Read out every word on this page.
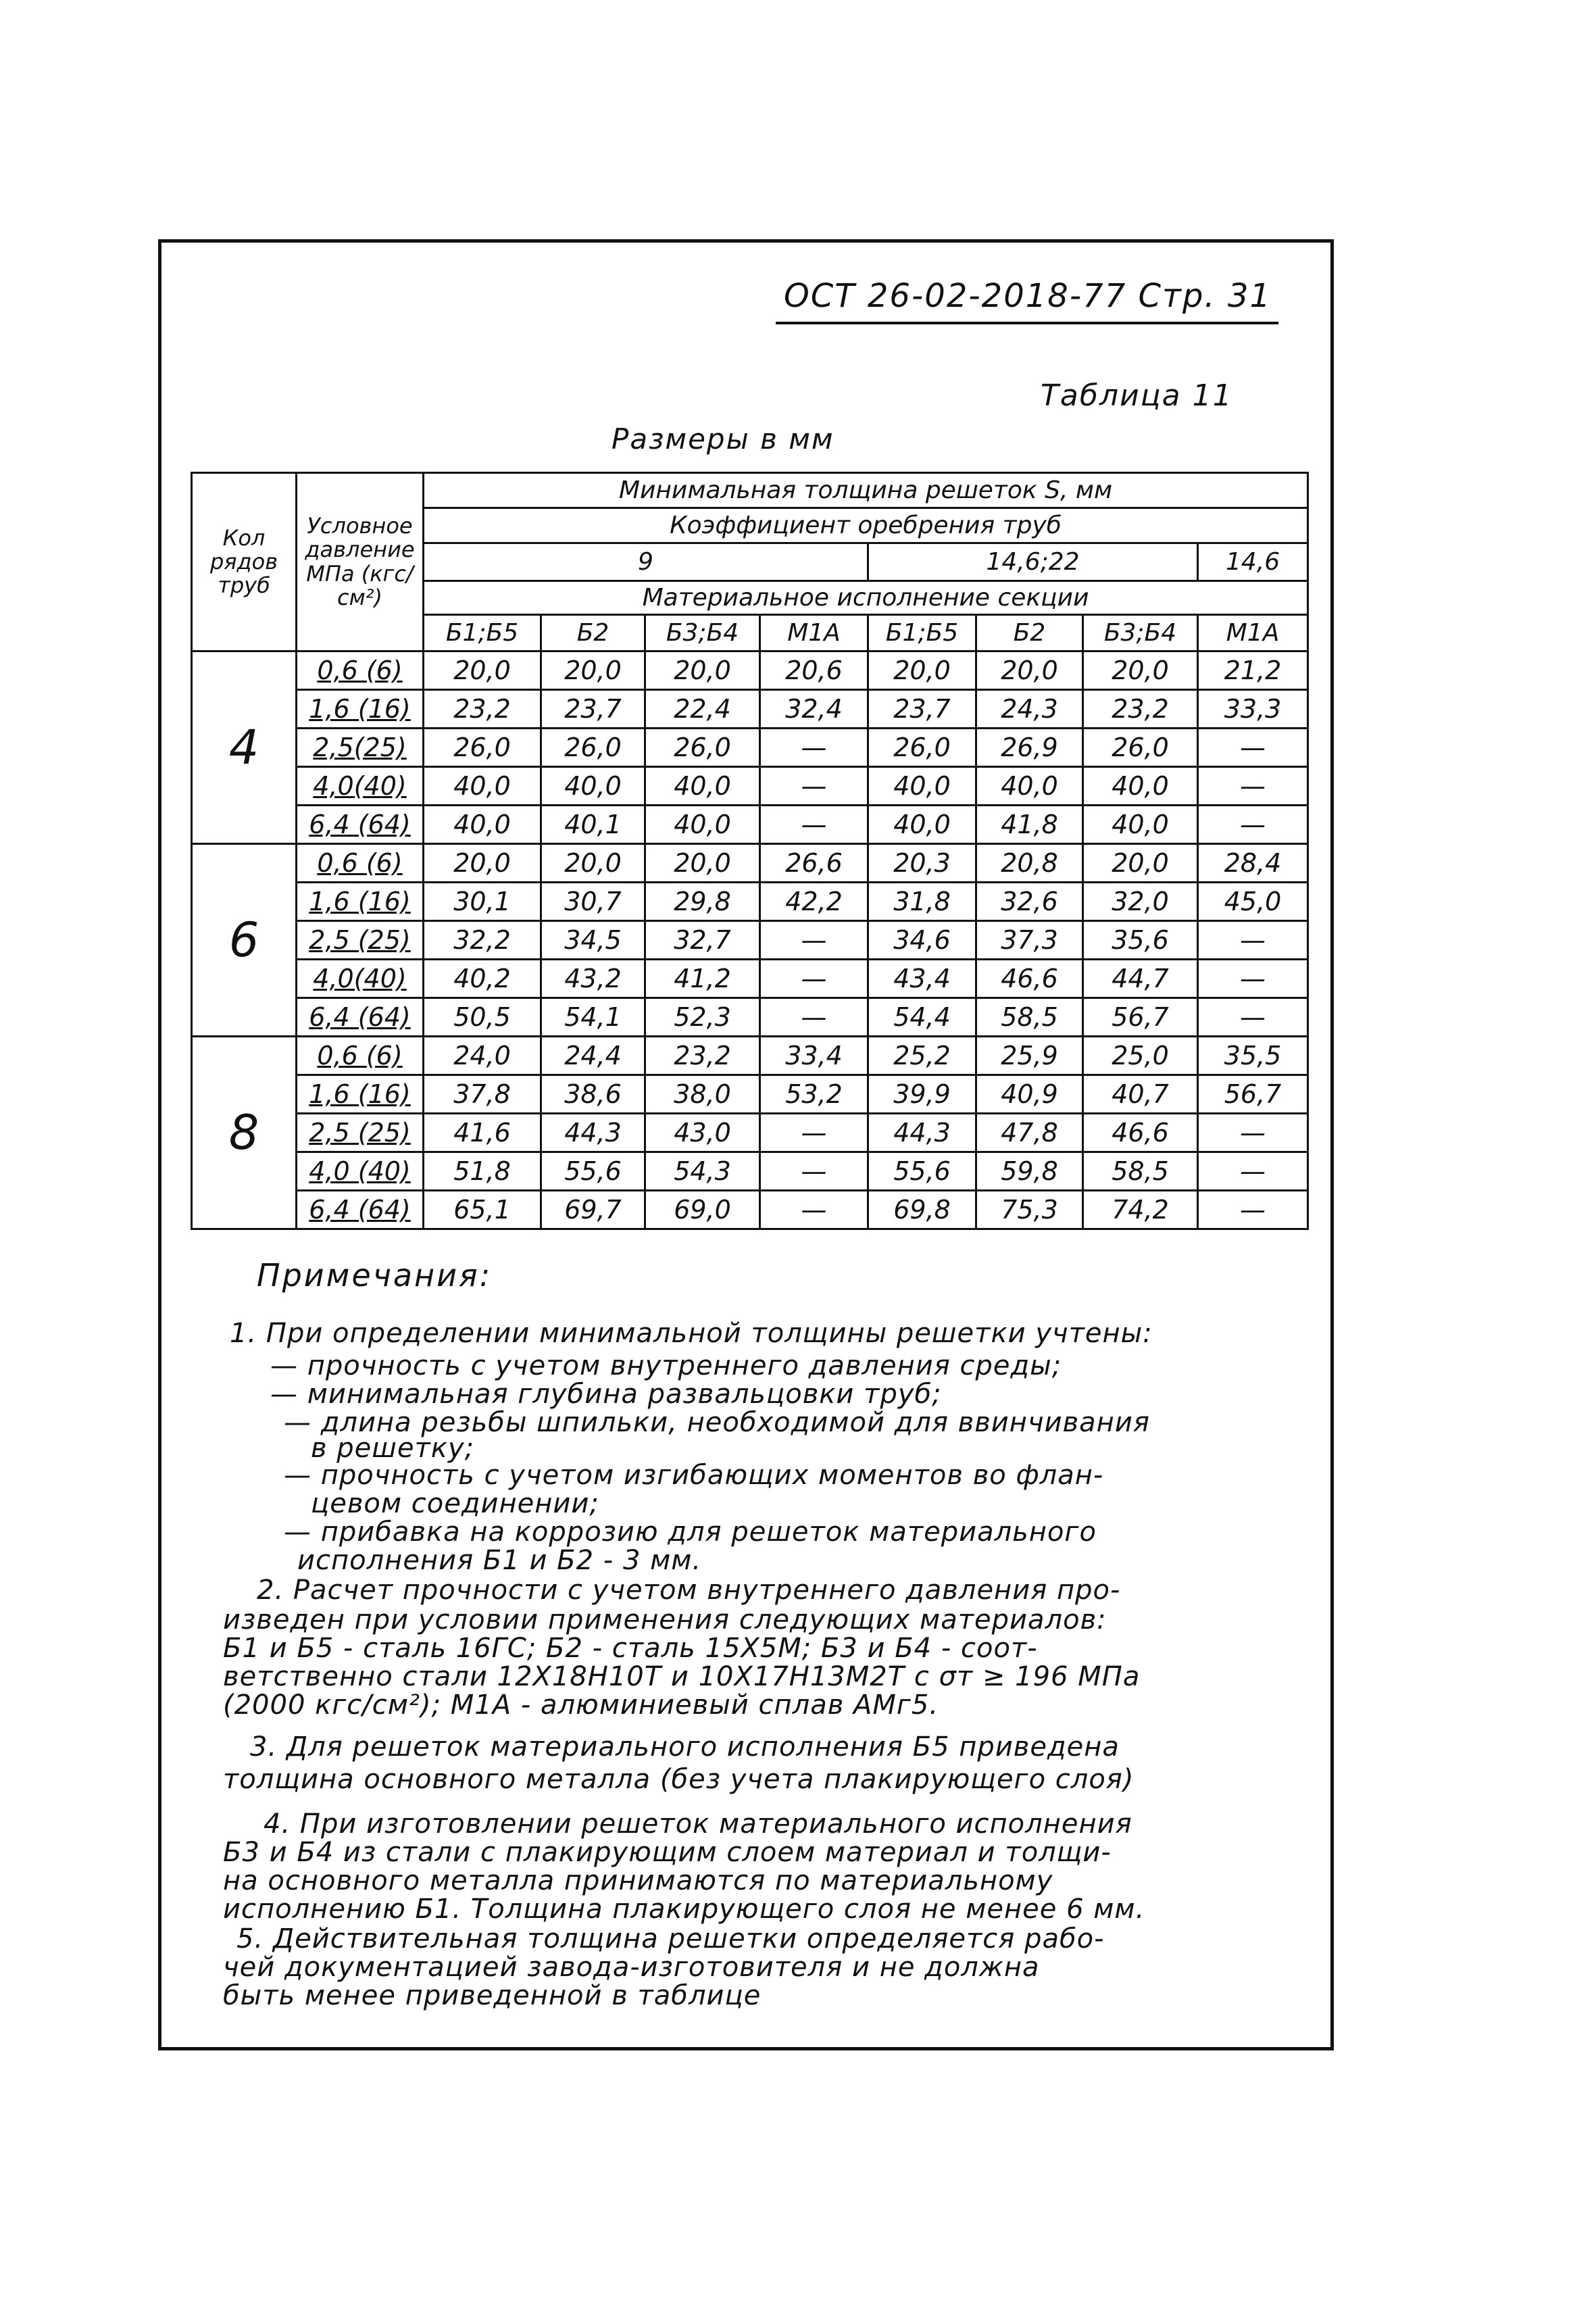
ОСТ 26-02-2018-77 Стр. 31
Таблица 11
Размеры в мм
Кол рядов труб	Условное давление МПа (кгс/см²)	Минимальная толщина решеток S, мм							
		Коэффициент оребрения труб							
		9				14,6;22			14,6
		Материальное исполнение секции							
		Б1;Б5	Б2	Б3;Б4	М1А	Б1;Б5	Б2	Б3;Б4	М1А
4	0,6 (6)	20,0	20,0	20,0	20,6	20,0	20,0	20,0	21,2
	1,6 (16)	23,2	23,7	22,4	32,4	23,7	24,3	23,2	33,3
	2,5(25)	26,0	26,0	26,0	—	26,0	26,9	26,0	—
	4,0(40)	40,0	40,0	40,0	—	40,0	40,0	40,0	—
	6,4 (64)	40,0	40,1	40,0	—	40,0	41,8	40,0	—
6	0,6 (6)	20,0	20,0	20,0	26,6	20,3	20,8	20,0	28,4
	1,6 (16)	30,1	30,7	29,8	42,2	31,8	32,6	32,0	45,0
	2,5 (25)	32,2	34,5	32,7	—	34,6	37,3	35,6	—
	4,0(40)	40,2	43,2	41,2	—	43,4	46,6	44,7	—
	6,4 (64)	50,5	54,1	52,3	—	54,4	58,5	56,7	—
8	0,6 (6)	24,0	24,4	23,2	33,4	25,2	25,9	25,0	35,5
	1,6 (16)	37,8	38,6	38,0	53,2	39,9	40,9	40,7	56,7
	2,5 (25)	41,6	44,3	43,0	—	44,3	47,8	46,6	—
	4,0 (40)	51,8	55,6	54,3	—	55,6	59,8	58,5	—
	6,4 (64)	65,1	69,7	69,0	—	69,8	75,3	74,2	—
Примечания:
1. При определении минимальной толщины решетки учтены:
— прочность с учетом внутреннего давления среды;
— минимальная глубина развальцовки труб;
— длина резьбы шпильки, необходимой для ввинчивания
в решетку;
— прочность с учетом изгибающих моментов во флан-
цевом соединении;
— прибавка на коррозию для решеток материального
исполнения Б1 и Б2 - 3 мм.
2. Расчет прочности с учетом внутреннего давления про-
изведен при условии применения следующих материалов:
Б1 и Б5 - сталь 16ГС; Б2 - сталь 15Х5М; Б3 и Б4 - соот-
ветственно стали 12Х18Н10Т и 10Х17Н13М2Т с σт ≥ 196 МПа
(2000 кгс/см²); М1А - алюминиевый сплав АМг5.
3. Для решеток материального исполнения Б5 приведена
толщина основного металла (без учета плакирующего слоя)
4. При изготовлении решеток материального исполнения
Б3 и Б4 из стали с плакирующим слоем материал и толщи-
на основного металла принимаются по материальному
исполнению Б1. Толщина плакирующего слоя не менее 6 мм.
5. Действительная толщина решетки определяется рабо-
чей документацией завода-изготовителя и не должна
быть менее приведенной в таблице
